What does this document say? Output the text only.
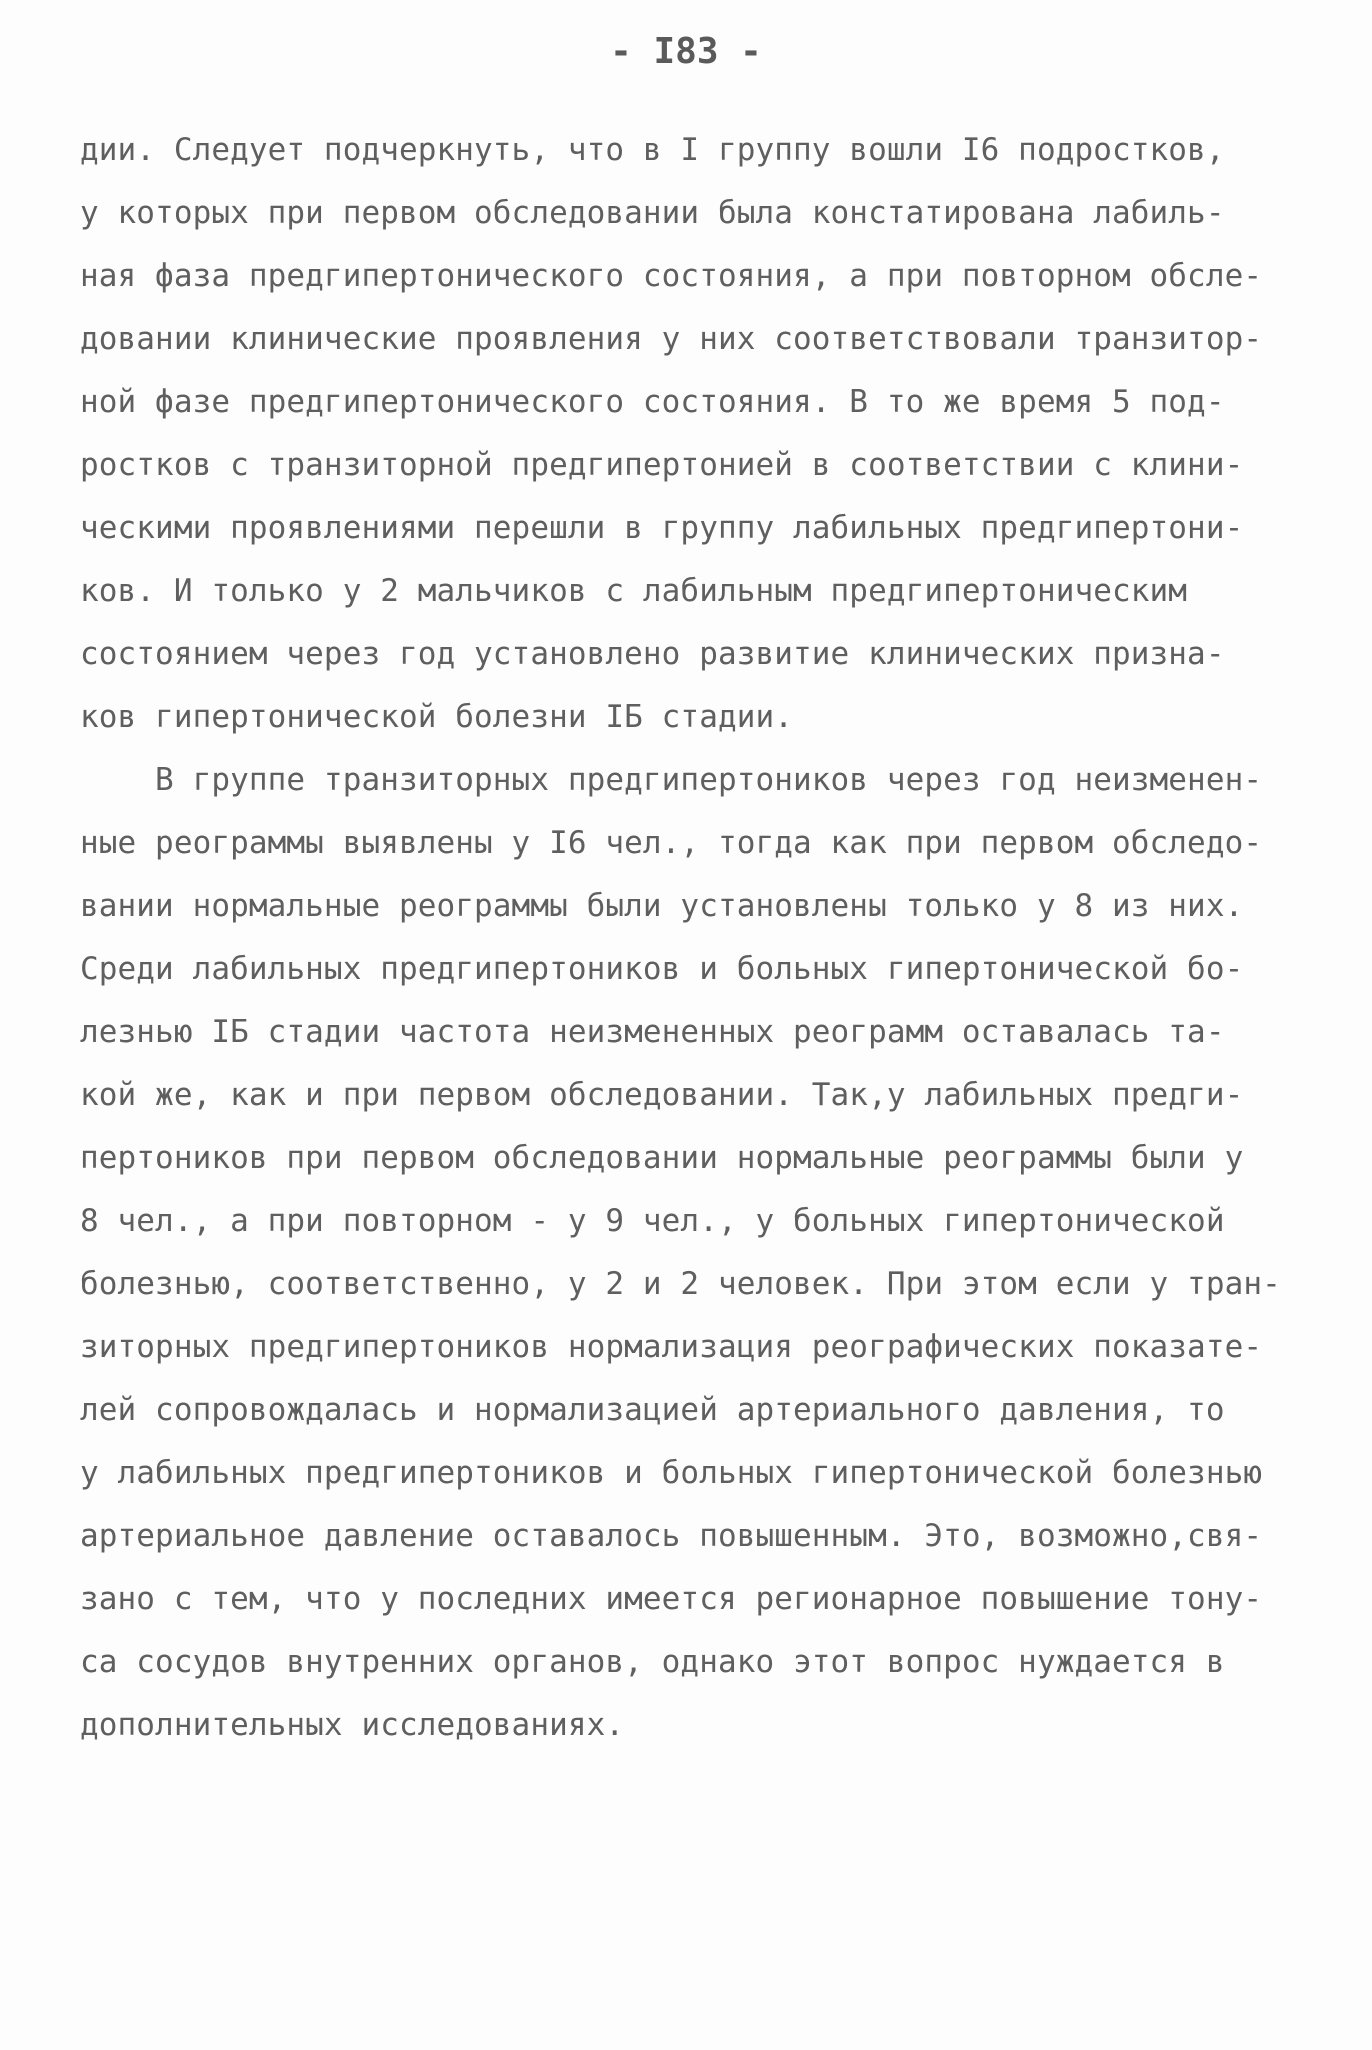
- I83 -
дии. Следует подчеркнуть, что в I группу вошли I6 подростков,
у которых при первом обследовании была констатирована лабиль-
ная фаза предгипертонического состояния, а при повторном обсле-
довании клинические проявления у них соответствовали транзитор-
ной фазе предгипертонического состояния. В то же время 5 под-
ростков с транзиторной предгипертонией в соответствии с клини-
ческими проявлениями перешли в группу лабильных предгипертони-
ков. И только у 2 мальчиков с лабильным предгипертоническим
состоянием через год установлено развитие клинических призна-
ков гипертонической болезни IБ стадии.
В группе транзиторных предгипертоников через год неизменен-
ные реограммы выявлены у I6 чел., тогда как при первом обследо-
вании нормальные реограммы были установлены только у 8 из них.
Среди лабильных предгипертоников и больных гипертонической бо-
лезнью IБ стадии частота неизмененных реограмм оставалась та-
кой же, как и при первом обследовании. Так,у лабильных предги-
пертоников при первом обследовании нормальные реограммы были у
8 чел., а при повторном - у 9 чел., у больных гипертонической
болезнью, соответственно, у 2 и 2 человек. При этом если у тран-
зиторных предгипертоников нормализация реографических показате-
лей сопровождалась и нормализацией артериального давления, то
у лабильных предгипертоников и больных гипертонической болезнью
артериальное давление оставалось повышенным. Это, возможно,свя-
зано с тем, что у последних имеется регионарное повышение тону-
са сосудов внутренних органов, однако этот вопрос нуждается в
дополнительных исследованиях.
